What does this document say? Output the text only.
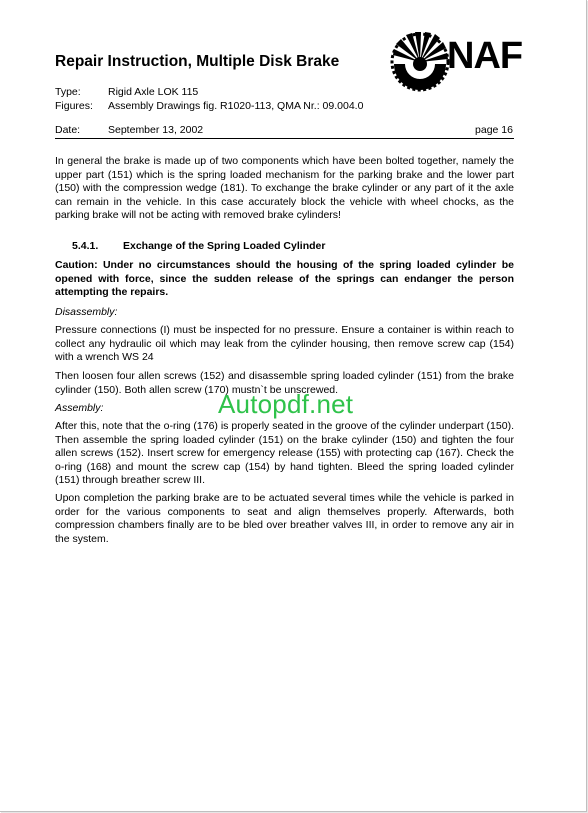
Repair Instruction, Multiple Disk Brake	NAF
Type:	Rigid Axle LOK 115
Figures: Assembly Drawings fig. R1020-113, QMA Nr.: 09.004.0
Date:	September 13, 2002	page 16

In general the brake is made up of two components which have been bolted together, namely the upper part (151) which is the spring loaded mechanism for the parking brake and the lower part (150) with the compression wedge (181). To exchange the brake cylinder or any part of it the axle can remain in the vehicle. In this case accurately block the vehicle with wheel chocks, as the parking brake will not be acting with removed brake cylinders!

5.4.1. Exchange of the Spring Loaded Cylinder

Caution: Under no circumstances should the housing of the spring loaded cylinder be opened with force, since the sudden release of the springs can endanger the person attempting the repairs.

Disassembly:

Pressure connections (I) must be inspected for no pressure. Ensure a container is within reach to collect any hydraulic oil which may leak from the cylinder housing, then remove screw cap (154) with a wrench WS 24

Then loosen four allen screws (152) and disassemble spring loaded cylinder (151) from the brake cylinder (150). Both allen screw (170) mustn`t be unscrewed.

Assembly:

After this, note that the o-ring (176) is properly seated in the groove of the cylinder underpart (150). Then assemble the spring loaded cylinder (151) on the brake cylinder (150) and tighten the four allen screws (152). Insert screw for emergency release (155) with protecting cap (167). Check the o-ring (168) and mount the screw cap (154) by hand tighten. Bleed the spring loaded cylinder (151) through breather screw III.

Upon completion the parking brake are to be actuated several times while the vehicle is parked in order for the various components to seat and align themselves properly. Afterwards, both compression chambers finally are to be bled over breather valves III, in order to remove any air in the system.

Autopdf.net
